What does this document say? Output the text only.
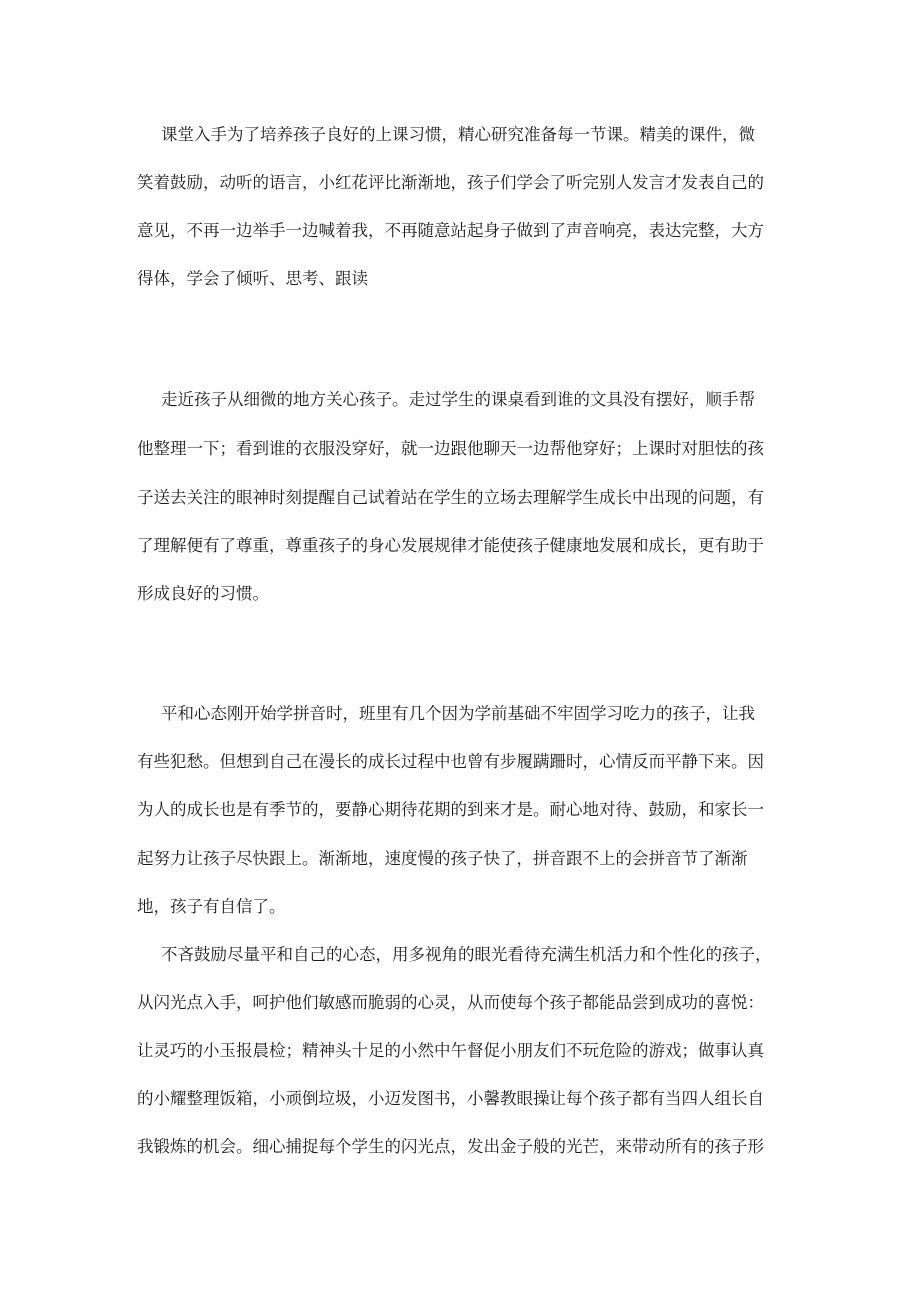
课堂入手为了培养孩子良好的上课习惯，精心研究准备每一节课。精美的课件，微
笑着鼓励，动听的语言，小红花评比渐渐地，孩子们学会了听完别人发言才发表自己的
意见，不再一边举手一边喊着我，不再随意站起身子做到了声音响亮，表达完整，大方
得体，学会了倾听、思考、跟读
走近孩子从细微的地方关心孩子。走过学生的课桌看到谁的文具没有摆好，顺手帮
他整理一下；看到谁的衣服没穿好，就一边跟他聊天一边帮他穿好；上课时对胆怯的孩
子送去关注的眼神时刻提醒自己试着站在学生的立场去理解学生成长中出现的问题，有
了理解便有了尊重，尊重孩子的身心发展规律才能使孩子健康地发展和成长，更有助于
形成良好的习惯。
平和心态刚开始学拼音时，班里有几个因为学前基础不牢固学习吃力的孩子，让我
有些犯愁。但想到自己在漫长的成长过程中也曾有步履蹒跚时，心情反而平静下来。因
为人的成长也是有季节的，要静心期待花期的到来才是。耐心地对待、鼓励，和家长一
起努力让孩子尽快跟上。渐渐地，速度慢的孩子快了，拼音跟不上的会拼音节了渐渐
地，孩子有自信了。
不吝鼓励尽量平和自己的心态，用多视角的眼光看待充满生机活力和个性化的孩子，
从闪光点入手，呵护他们敏感而脆弱的心灵，从而使每个孩子都能品尝到成功的喜悦：
让灵巧的小玉报晨检；精神头十足的小然中午督促小朋友们不玩危险的游戏；做事认真
的小耀整理饭箱，小顽倒垃圾，小迈发图书，小馨教眼操让每个孩子都有当四人组长自
我锻炼的机会。细心捕捉每个学生的闪光点，发出金子般的光芒，来带动所有的孩子形
